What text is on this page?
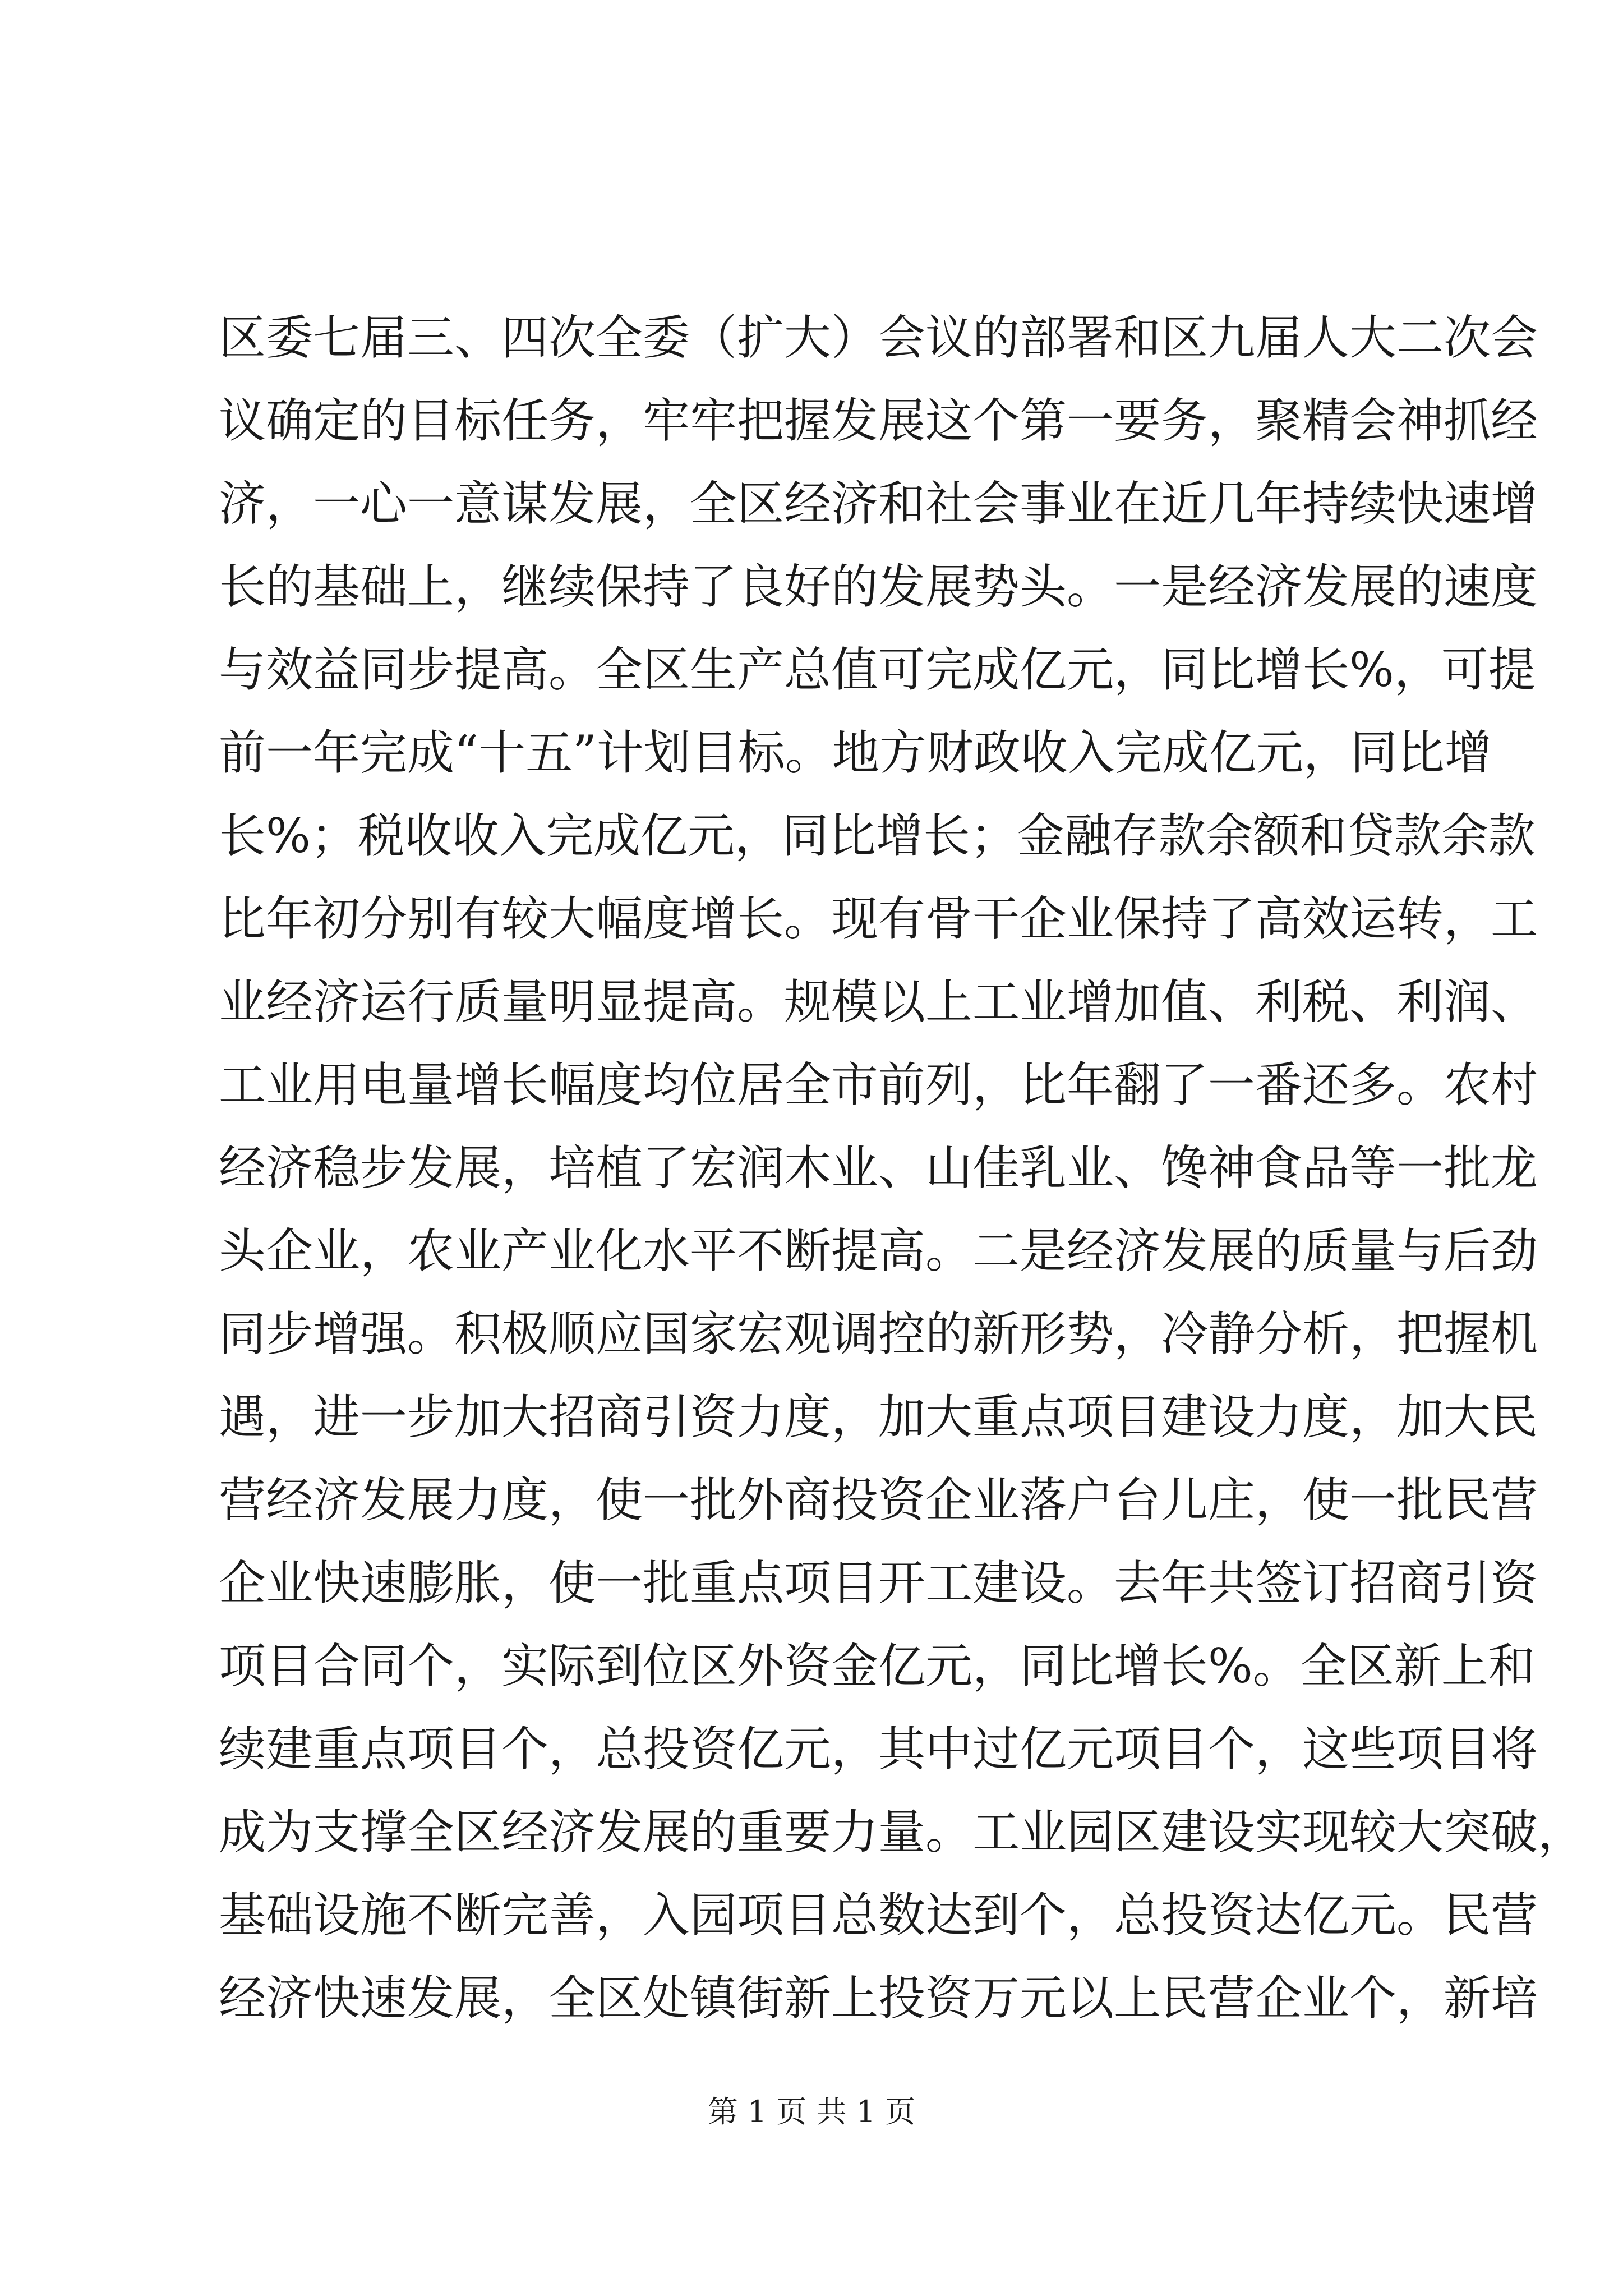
区委七届三、四次全委（扩大）会议的部署和区九届人大二次会
议确定的目标任务，牢牢把握发展这个第一要务，聚精会神抓经
济，一心一意谋发展，全区经济和社会事业在近几年持续快速增
长的基础上，继续保持了良好的发展势头。一是经济发展的速度
与效益同步提高。全区生产总值可完成亿元，同比增长%，可提
前一年完成“十五”计划目标。地方财政收入完成亿元，同比增
长%；税收收入完成亿元，同比增长；金融存款余额和贷款余款
比年初分别有较大幅度增长。现有骨干企业保持了高效运转，工
业经济运行质量明显提高。规模以上工业增加值、利税、利润、
工业用电量增长幅度均位居全市前列，比年翻了一番还多。农村
经济稳步发展，培植了宏润木业、山佳乳业、馋神食品等一批龙
头企业，农业产业化水平不断提高。二是经济发展的质量与后劲
同步增强。积极顺应国家宏观调控的新形势，冷静分析，把握机
遇，进一步加大招商引资力度，加大重点项目建设力度，加大民
营经济发展力度，使一批外商投资企业落户台儿庄，使一批民营
企业快速膨胀，使一批重点项目开工建设。去年共签订招商引资
项目合同个，实际到位区外资金亿元，同比增长%。全区新上和
续建重点项目个，总投资亿元，其中过亿元项目个，这些项目将
成为支撑全区经济发展的重要力量。工业园区建设实现较大突破，
基础设施不断完善，入园项目总数达到个，总投资达亿元。民营
经济快速发展，全区处镇街新上投资万元以上民营企业个，新培
第 1 页 共 1 页
